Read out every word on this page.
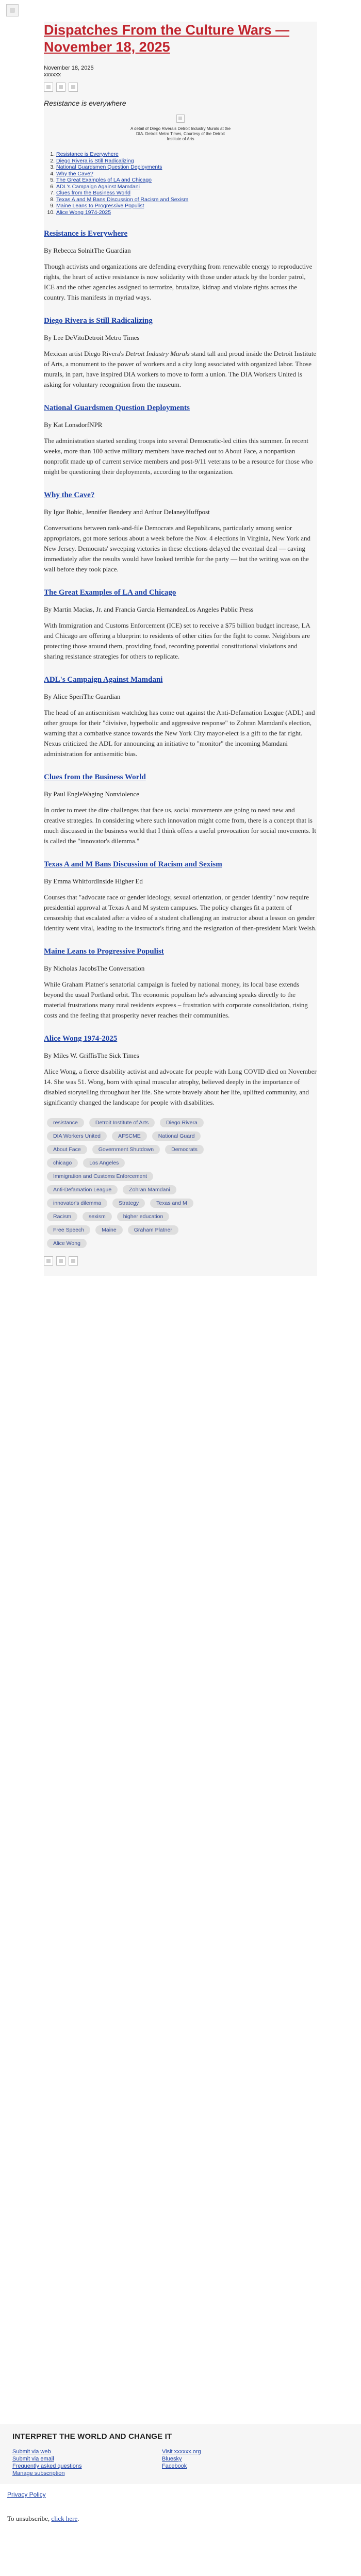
Dispatches From the Culture Wars — November 18, 2025
November 18, 2025
xxxxxx
Resistance is everywhere
A detail of Diego Rivera's Detroit Industry Murals at the DIA. Detroit Metro Times, Courtesy of the Detroit Institute of Arts
1. Resistance is Everywhere
2. Diego Rivera is Still Radicalizing
3. National Guardsmen Question Deployments
4. Why the Cave?
5. The Great Examples of LA and Chicago
6. ADL's Campaign Against Mamdani
7. Clues from the Business World
8. Texas A and M Bans Discussion of Racism and Sexism
9. Maine Leans to Progressive Populist
10. Alice Wong 1974-2025
Resistance is Everywhere
By Rebecca SolnitThe Guardian
Though activists and organizations are defending everything from renewable energy to reproductive rights, the heart of active resistance is now solidarity with those under attack by the border patrol, ICE and the other agencies assigned to terrorize, brutalize, kidnap and violate rights across the country. This manifests in myriad ways.
Diego Rivera is Still Radicalizing
By Lee DeVitoDetroit Metro Times
Mexican artist Diego Rivera's Detroit Industry Murals stand tall and proud inside the Detroit Institute of Arts, a monument to the power of workers and a city long associated with organized labor. Those murals, in part, have inspired DIA workers to move to form a union. The DIA Workers United is asking for voluntary recognition from the museum.
National Guardsmen Question Deployments
By Kat LonsdorfNPR
The administration started sending troops into several Democratic-led cities this summer. In recent weeks, more than 100 active military members have reached out to About Face, a nonpartisan nonprofit made up of current service members and post-9/11 veterans to be a resource for those who might be questioning their deployments, according to the organization.
Why the Cave?
By Igor Bobic, Jennifer Bendery and Arthur DelaneyHuffpost
Conversations between rank-and-file Democrats and Republicans, particularly among senior appropriators, got more serious about a week before the Nov. 4 elections in Virginia, New York and New Jersey. Democrats' sweeping victories in these elections delayed the eventual deal — caving immediately after the results would have looked terrible for the party — but the writing was on the wall before they took place.
The Great Examples of LA and Chicago
By Martin Macias, Jr. and Francia Garcia HernandezLos Angeles Public Press
With Immigration and Customs Enforcement (ICE) set to receive a $75 billion budget increase, LA and Chicago are offering a blueprint to residents of other cities for the fight to come. Neighbors are protecting those around them, providing food, recording potential constitutional violations and sharing resistance strategies for others to replicate.
ADL's Campaign Against Mamdani
By Alice SperiThe Guardian
The head of an antisemitism watchdog has come out against the Anti-Defamation League (ADL) and other groups for their "divisive, hyperbolic and aggressive response" to Zohran Mamdani's election, warning that a combative stance towards the New York City mayor-elect is a gift to the far right. Nexus criticized the ADL for announcing an initiative to "monitor" the incoming Mamdani administration for antisemitic bias.
Clues from the Business World
By Paul EngleWaging Nonviolence
In order to meet the dire challenges that face us, social movements are going to need new and creative strategies. In considering where such innovation might come from, there is a concept that is much discussed in the business world that I think offers a useful provocation for social movements. It is called the "innovator's dilemma."
Texas A and M Bans Discussion of Racism and Sexism
By Emma WhitfordInside Higher Ed
Courses that "advocate race or gender ideology, sexual orientation, or gender identity" now require presidential approval at Texas A and M system campuses. The policy changes fit a pattern of censorship that escalated after a video of a student challenging an instructor about a lesson on gender identity went viral, leading to the instructor's firing and the resignation of then-president Mark Welsh.
Maine Leans to Progressive Populist
By Nicholas JacobsThe Conversation
While Graham Platner's senatorial campaign is fueled by national money, its local base extends beyond the usual Portland orbit. The economic populism he's advancing speaks directly to the material frustrations many rural residents express – frustration with corporate consolidation, rising costs and the feeling that prosperity never reaches their communities.
Alice Wong 1974-2025
By Miles W. GriffisThe Sick Times
Alice Wong, a fierce disability activist and advocate for people with Long COVID died on November 14. She was 51. Wong, born with spinal muscular atrophy, believed deeply in the importance of disabled storytelling throughout her life. She wrote bravely about her life, uplifted community, and significantly changed the landscape for people with disabilities.
resistance	Detroit Institute of Arts	Diego Rivera
DIA Workers United	AFSCME	National Guard
About Face	Government Shutdown	Democrats
chicago	Los Angeles
Immigration and Customs Enforcement
Anti-Defamation League	Zohran Mamdani
innovator's dilemma	Strategy	Texas and M
Racism	sexism	higher education
Free Speech	Maine	Graham Platner
Alice Wong
INTERPRET THE WORLD AND CHANGE IT
Submit via web
Submit via email
Frequently asked questions
Manage subscription
Visit xxxxxx.org
Bluesky
Facebook
Privacy Policy
To unsubscribe, click here.
